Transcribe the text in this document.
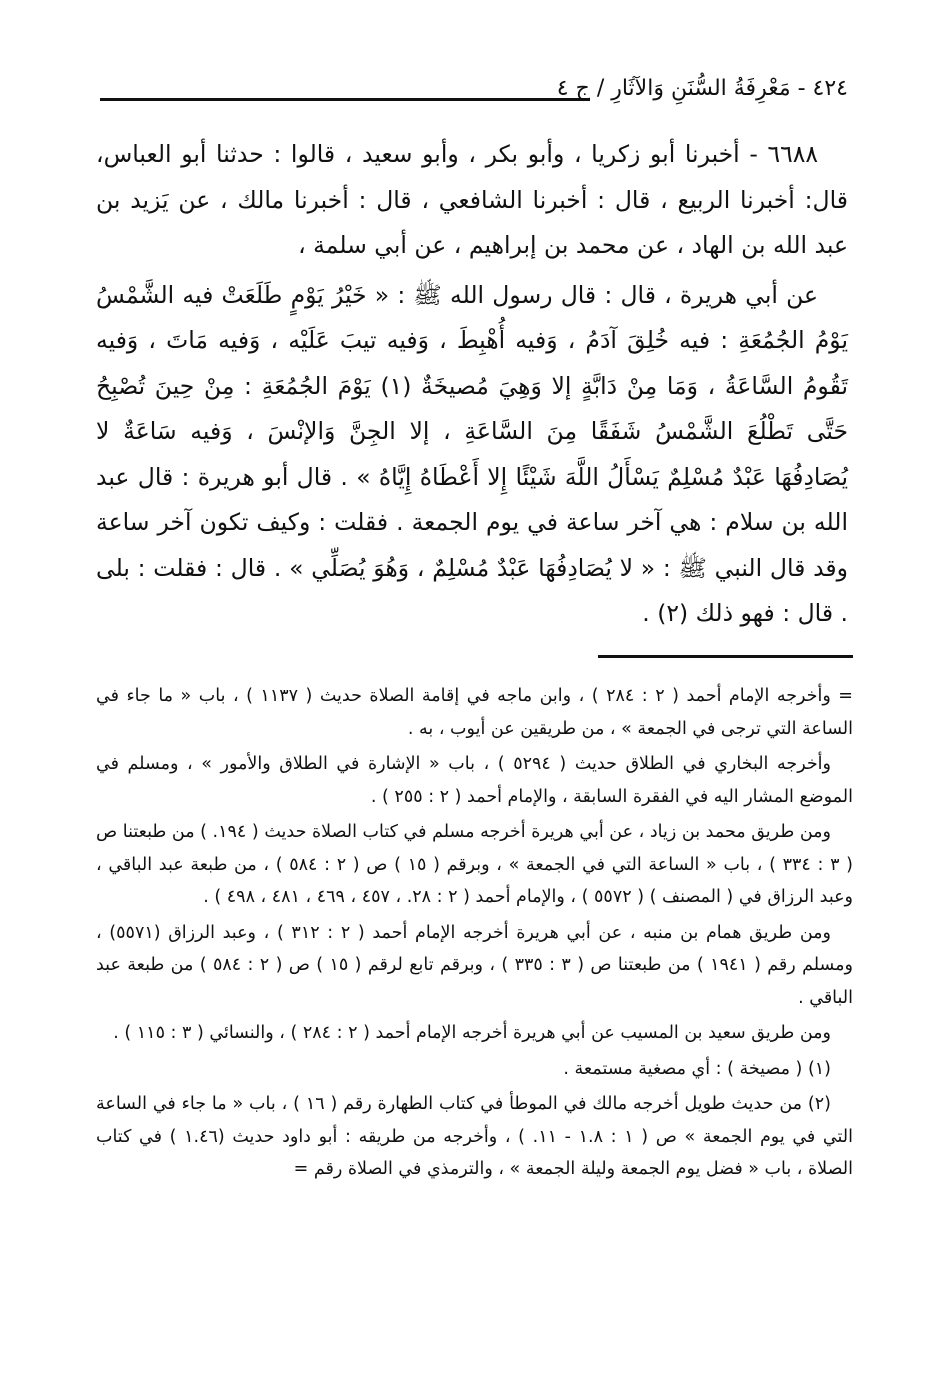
٤٢٤ - مَعْرِفَةُ السُّنَنِ وَالآثَارِ / ج ٤

٦٦٨٨ - أخبرنا أبو زكريا ، وأبو بكر ، وأبو سعيد ، قالوا : حدثنا أبو العباس، قال: أخبرنا الربيع ، قال : أخبرنا الشافعي ، قال : أخبرنا مالك ، عن يَزيد بن عبد الله بن الهاد ، عن محمد بن إبراهيم ، عن أبي سلمة ،

عن أبي هريرة ، قال : قال رسول الله ﷺ : « خَيْرُ يَوْمٍ طَلَعَتْ فيه الشَّمْسُ يَوْمُ الجُمُعَةِ : فيه خُلِقَ آدَمُ ، وَفيه أُهْبِطَ ، وَفيه تيبَ عَلَيْه ، وَفيه مَاتَ ، وَفيه تَقُومُ السَّاعَةُ ، وَمَا مِنْ دَابَّةٍ إلا وَهِيَ مُصيخَةٌ (١) يَوْمَ الجُمُعَةِ : مِنْ حِينَ تُصْبِحُ حَتَّى تَطْلُعَ الشَّمْسُ شَفَقًا مِنَ السَّاعَةِ ، إلا الجِنَّ وَالإنْسَ ، وَفيه سَاعَةٌ لا يُصَادِفُهَا عَبْدٌ مُسْلِمٌ يَسْأَلُ اللَّهَ شَيْئًا إِلا أَعْطَاهُ إِيَّاهُ » . قال أبو هريرة : قال عبد الله بن سلام : هي آخر ساعة في يوم الجمعة . فقلت : وكيف تكون آخر ساعة وقد قال النبي ﷺ : « لا يُصَادِفُهَا عَبْدٌ مُسْلِمٌ ، وَهُوَ يُصَلِّي » . قال : فقلت : بلى . قال : فهو ذلك (٢) .

= وأخرجه الإمام أحمد ( ٢ : ٢٨٤ ) ، وابن ماجه في إقامة الصلاة حديث ( ١١٣٧ ) ، باب « ما جاء في الساعة التي ترجى في الجمعة » ، من طريقين عن أيوب ، به .

وأخرجه البخاري في الطلاق حديث ( ٥٢٩٤ ) ، باب « الإشارة في الطلاق والأمور » ، ومسلم في الموضع المشار اليه في الفقرة السابقة ، والإمام أحمد ( ٢ : ٢٥٥ ) .

ومن طريق محمد بن زياد ، عن أبي هريرة أخرجه مسلم في كتاب الصلاة حديث ( ١٩٤. ) من طبعتنا ص ( ٣ : ٣٣٤ ) ، باب « الساعة التي في الجمعة » ، وبرقم ( ١٥ ) ص ( ٢ : ٥٨٤ ) ، من طبعة عبد الباقي ، وعبد الرزاق في ( المصنف ) ( ٥٥٧٢ ) ، والإمام أحمد ( ٢ : ٢٨. ، ٤٥٧ ، ٤٦٩ ، ٤٨١ ، ٤٩٨ ) .

ومن طريق همام بن منبه ، عن أبي هريرة أخرجه الإمام أحمد ( ٢ : ٣١٢ ) ، وعبد الرزاق (٥٥٧١) ، ومسلم رقم ( ١٩٤١ ) من طبعتنا ص ( ٣ : ٣٣٥ ) ، وبرقم تابع لرقم ( ١٥ ) ص ( ٢ : ٥٨٤ ) من طبعة عبد الباقي .

ومن طريق سعيد بن المسيب عن أبي هريرة أخرجه الإمام أحمد ( ٢ : ٢٨٤ ) ، والنسائي ( ٣ : ١١٥ ) .

(١) ( مصيخة ) : أي مصغية مستمعة .

(٢) من حديث طويل أخرجه مالك في الموطأ في كتاب الطهارة رقم ( ١٦ ) ، باب « ما جاء في الساعة التي في يوم الجمعة » ص ( ١ : ١.٨ - ١١. ) ، وأخرجه من طريقه : أبو داود حديث (١.٤٦ ) في كتاب الصلاة ، باب « فضل يوم الجمعة وليلة الجمعة » ، والترمذي في الصلاة رقم =
